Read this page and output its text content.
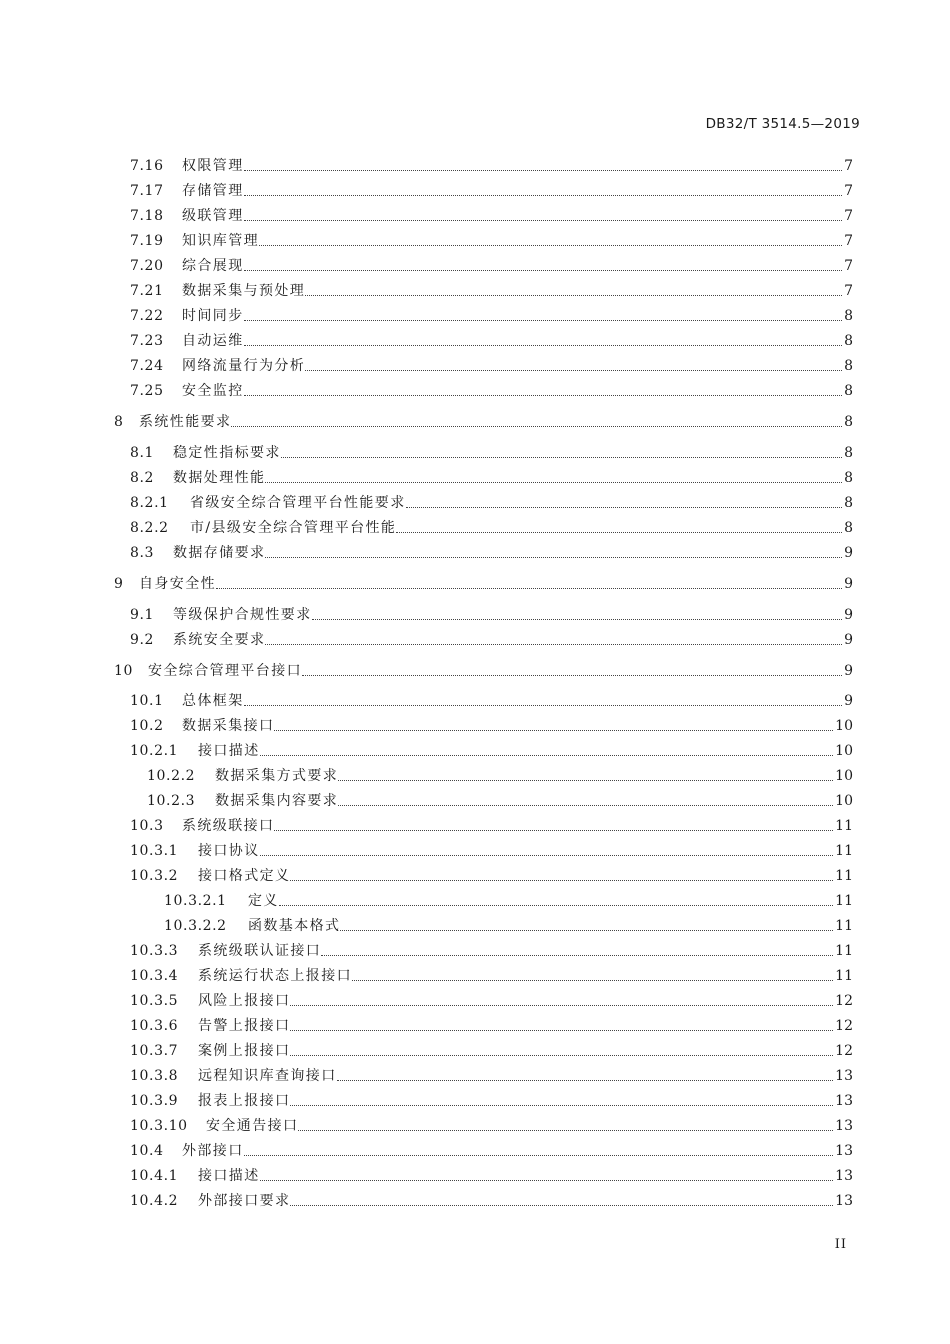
DB32/T 3514.5—2019
7.16	权限管理	7
7.17	存储管理	7
7.18	级联管理	7
7.19	知识库管理	7
7.20	综合展现	7
7.21	数据采集与预处理	7
7.22	时间同步	8
7.23	自动运维	8
7.24	网络流量行为分析	8
7.25	安全监控	8
8	系统性能要求	8
8.1	稳定性指标要求	8
8.2	数据处理性能	8
8.2.1	省级安全综合管理平台性能要求	8
8.2.2	市/县级安全综合管理平台性能	8
8.3	数据存储要求	9
9	自身安全性	9
9.1	等级保护合规性要求	9
9.2	系统安全要求	9
10	安全综合管理平台接口	9
10.1	总体框架	9
10.2	数据采集接口	10
10.2.1	接口描述	10
10.2.2	数据采集方式要求	10
10.2.3	数据采集内容要求	10
10.3	系统级联接口	11
10.3.1	接口协议	11
10.3.2	接口格式定义	11
10.3.2.1	定义	11
10.3.2.2	函数基本格式	11
10.3.3	系统级联认证接口	11
10.3.4	系统运行状态上报接口	11
10.3.5	风险上报接口	12
10.3.6	告警上报接口	12
10.3.7	案例上报接口	12
10.3.8	远程知识库查询接口	13
10.3.9	报表上报接口	13
10.3.10	安全通告接口	13
10.4	外部接口	13
10.4.1	接口描述	13
10.4.2	外部接口要求	13
II
